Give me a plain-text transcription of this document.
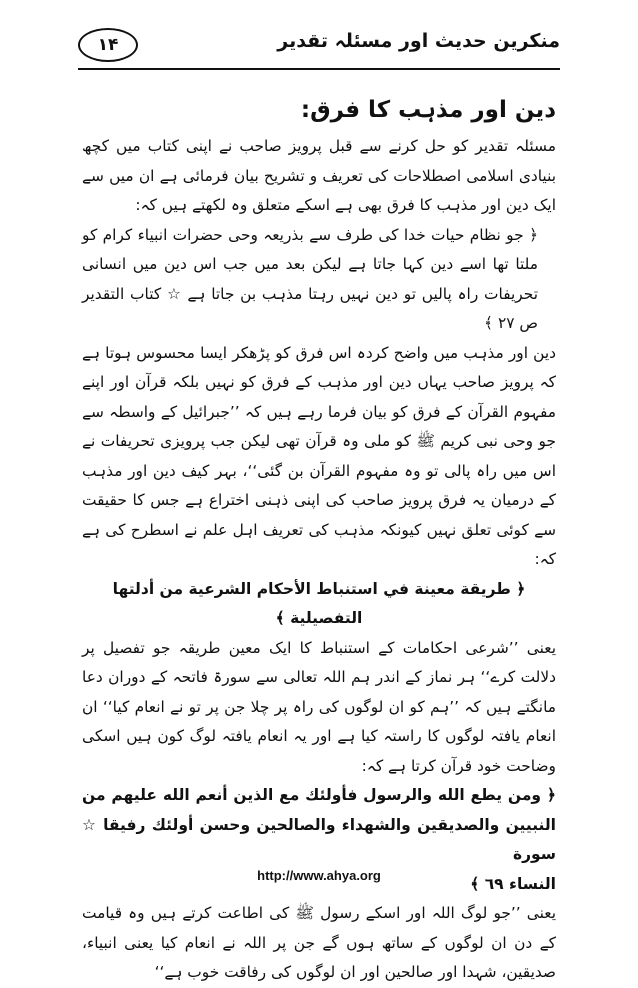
۱۴	منکرین حدیث اور مسئلہ تقدیر
دین اور مذہب کا فرق:

مسئلہ تقدیر کو حل کرنے سے قبل پرویز صاحب نے اپنی کتاب میں کچھ بنیادی اسلامی اصطلاحات کی تعریف و تشریح بیان فرمائی ہے ان میں سے ایک دین اور مذہب کا فرق بھی ہے اسکے متعلق وہ لکھتے ہیں کہ:

﴿ جو نظام حیات خدا کی طرف سے بذریعہ وحی حضرات انبیاء کرام کو ملتا تھا اسے دین کہا جاتا ہے لیکن بعد میں جب اس دین میں انسانی تحریفات راہ پالیں تو دین نہیں رہتا مذہب بن جاتا ہے ☆ کتاب التقدیر ص ۲۷ ﴾

دین اور مذہب میں واضح کردہ اس فرق کو پڑھکر ایسا محسوس ہوتا ہے کہ پرویز صاحب یہاں دین اور مذہب کے فرق کو نہیں بلکہ قرآن اور اپنے مفہوم القرآن کے فرق کو بیان فرما رہے ہیں کہ ’’جبرائیل کے واسطہ سے جو وحی نبی کریم ﷺ کو ملی وہ قرآن تھی لیکن جب پرویزی تحریفات نے اس میں راہ پالی تو وہ مفہوم القرآن بن گئی‘‘، بہر کیف دین اور مذہب کے درمیان یہ فرق پرویز صاحب کی اپنی ذہنی اختراع ہے جس کا حقیقت سے کوئی تعلق نہیں کیونکہ مذہب کی تعریف اہل علم نے اسطرح کی ہے کہ:

﴿ طريقة معينة في استنباط الأحكام الشرعية من أدلتها التفصيلية ﴾

یعنی ’’شرعی احکامات کے استنباط کا ایک معین طریقہ جو تفصیل پر دلالت کرے‘‘ ہر نماز کے اندر ہم اللہ تعالی سے سورۃ فاتحہ کے دوران دعا مانگتے ہیں کہ ’’ہم کو ان لوگوں کی راہ پر چلا جن پر تو نے انعام کیا‘‘ ان انعام یافتہ لوگوں کا راستہ کیا ہے اور یہ انعام یافتہ لوگ کون ہیں اسکی وضاحت خود قرآن کرتا ہے کہ:

﴿ ومن يطع الله والرسول فأولئك مع الذين أنعم الله عليهم من النبيين والصديقين والشهداء والصالحين وحسن أولئك رفيقا ☆ سورة

النساء ٦٩ ﴾

یعنی ’’جو لوگ اللہ اور اسکے رسول ﷺ کی اطاعت کرتے ہیں وہ قیامت کے دن ان لوگوں کے ساتھ ہوں گے جن پر اللہ نے انعام کیا یعنی انبیاء، صدیقین، شہدا اور صالحین اور ان لوگوں کی رفاقت خوب ہے‘‘

http://www.ahya.org
